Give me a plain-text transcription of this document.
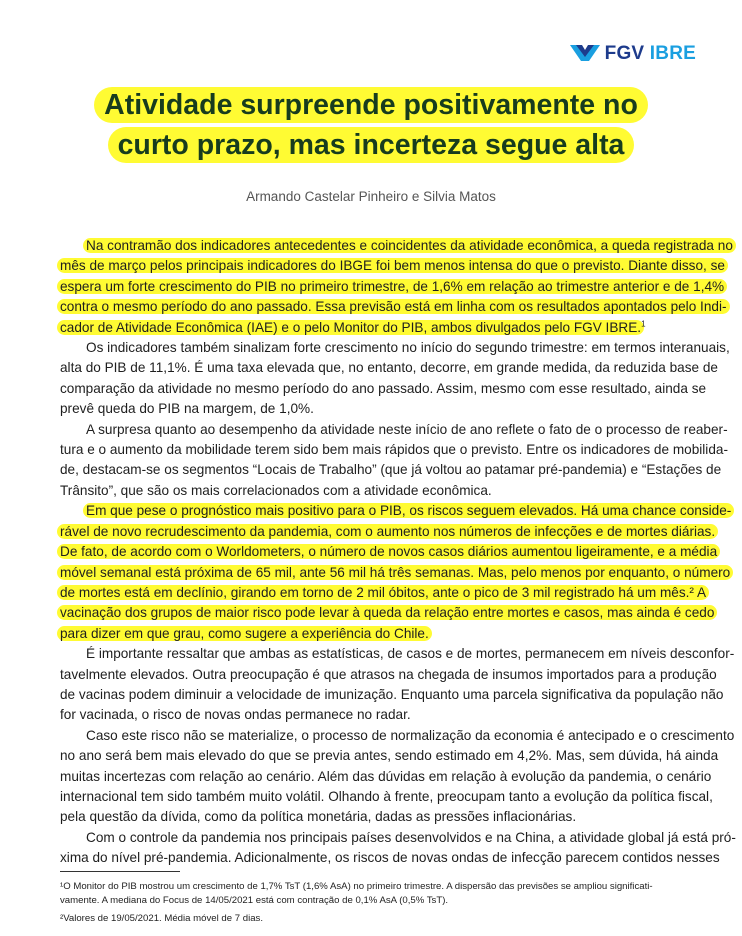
FGV IBRE
Atividade surpreende positivamente no
curto prazo, mas incerteza segue alta
Armando Castelar Pinheiro e Silvia Matos

Na contramão dos indicadores antecedentes e coincidentes da atividade econômica, a queda registrada no
mês de março pelos principais indicadores do IBGE foi bem menos intensa do que o previsto. Diante disso, se
espera um forte crescimento do PIB no primeiro trimestre, de 1,6% em relação ao trimestre anterior e de 1,4%
contra o mesmo período do ano passado. Essa previsão está em linha com os resultados apontados pelo Indi-
cador de Atividade Econômica (IAE) e o pelo Monitor do PIB, ambos divulgados pelo FGV IBRE.$^1$

Os indicadores também sinalizam forte crescimento no início do segundo trimestre: em termos interanuais,
alta do PIB de 11,1%. É uma taxa elevada que, no entanto, decorre, em grande medida, da reduzida base de
comparação da atividade no mesmo período do ano passado. Assim, mesmo com esse resultado, ainda se
prevê queda do PIB na margem, de 1,0%.

A surpresa quanto ao desempenho da atividade neste início de ano reflete o fato de o processo de reaber-
tura e o aumento da mobilidade terem sido bem mais rápidos que o previsto. Entre os indicadores de mobilida-
de, destacam-se os segmentos “Locais de Trabalho” (que já voltou ao patamar pré-pandemia) e “Estações de
Trânsito”, que são os mais correlacionados com a atividade econômica.

Em que pese o prognóstico mais positivo para o PIB, os riscos seguem elevados. Há uma chance conside-
rável de novo recrudescimento da pandemia, com o aumento nos números de infecções e de mortes diárias.
De fato, de acordo com o Worldometers, o número de novos casos diários aumentou ligeiramente, e a média
móvel semanal está próxima de 65 mil, ante 56 mil há três semanas. Mas, pelo menos por enquanto, o número
de mortes está em declínio, girando em torno de 2 mil óbitos, ante o pico de 3 mil registrado há um mês.² A
vacinação dos grupos de maior risco pode levar à queda da relação entre mortes e casos, mas ainda é cedo
para dizer em que grau, como sugere a experiência do Chile.

É importante ressaltar que ambas as estatísticas, de casos e de mortes, permanecem em níveis desconfor-
tavelmente elevados. Outra preocupação é que atrasos na chegada de insumos importados para a produção
de vacinas podem diminuir a velocidade de imunização. Enquanto uma parcela significativa da população não
for vacinada, o risco de novas ondas permanece no radar.

Caso este risco não se materialize, o processo de normalização da economia é antecipado e o crescimento
no ano será bem mais elevado do que se previa antes, sendo estimado em 4,2%. Mas, sem dúvida, há ainda
muitas incertezas com relação ao cenário. Além das dúvidas em relação à evolução da pandemia, o cenário
internacional tem sido também muito volátil. Olhando à frente, preocupam tanto a evolução da política fiscal,
pela questão da dívida, como da política monetária, dadas as pressões inflacionárias.

Com o controle da pandemia nos principais países desenvolvidos e na China, a atividade global já está pró-
xima do nível pré-pandemia. Adicionalmente, os riscos de novas ondas de infecção parecem contidos nesses

¹O Monitor do PIB mostrou um crescimento de 1,7% TsT (1,6% AsA) no primeiro trimestre. A dispersão das previsões se ampliou significati-
vamente. A mediana do Focus de 14/05/2021 está com contração de 0,1% AsA (0,5% TsT).
²Valores de 19/05/2021. Média móvel de 7 dias.
